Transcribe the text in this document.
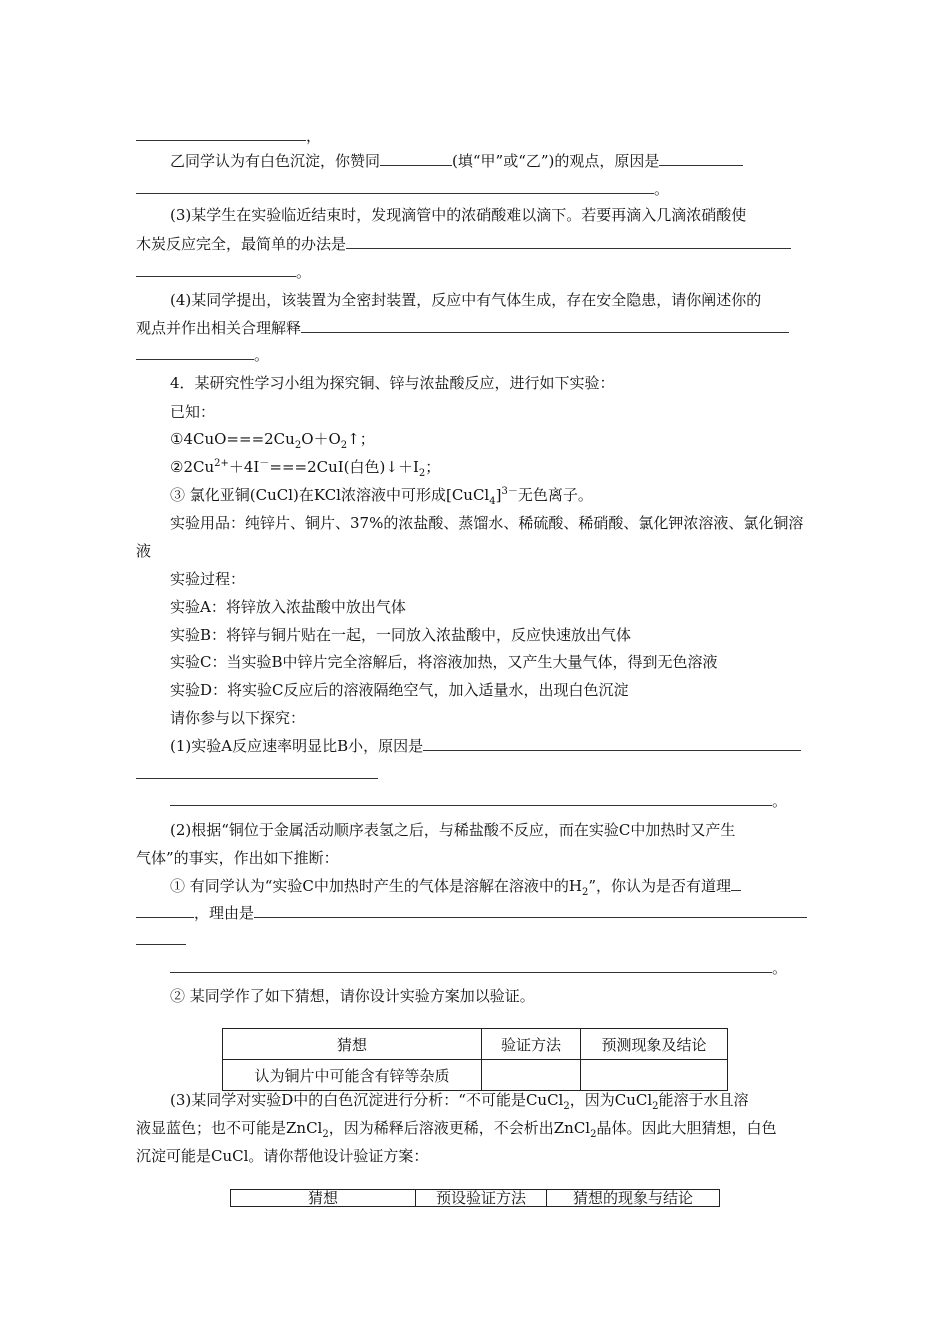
，
乙同学认为有白色沉淀，你赞同	(填“甲”或“乙”)的观点，原因是
。
(3)某学生在实验临近结束时，发现滴管中的浓硝酸难以滴下。若要再滴入几滴浓硝酸使
木炭反应完全，最简单的办法是
。
(4)某同学提出，该装置为全密封装置，反应中有气体生成，存在安全隐患，请你阐述你的
观点并作出相关合理解释
。
4．某研究性学习小组为探究铜、锌与浓盐酸反应，进行如下实验：
已知：
$①4CuO===2Cu_2O+O_2↑$；
$②2Cu^{2+}+4I^-===2CuI$(白色)$↓+I_2$；
③ 氯化亚铜(CuCl)在KCl浓溶液中可形成[CuCl$_4$]$^{3-}$无色离子。
实验用品：纯锌片、铜片、37%的浓盐酸、蒸馏水、稀硫酸、稀硝酸、氯化钾浓溶液、氯化铜溶
液
实验过程：
实验A：将锌放入浓盐酸中放出气体
实验B：将锌与铜片贴在一起，一同放入浓盐酸中，反应快速放出气体
实验C：当实验B中锌片完全溶解后，将溶液加热，又产生大量气体，得到无色溶液
实验D：将实验C反应后的溶液隔绝空气，加入适量水，出现白色沉淀
请你参与以下探究：
(1)实验A反应速率明显比B小，原因是
。
(2)根据“铜位于金属活动顺序表氢之后，与稀盐酸不反应，而在实验C中加热时又产生
气体”的事实，作出如下推断：
① 有同学认为“实验C中加热时产生的气体是溶解在溶液中的$H_2$”，你认为是否有道理
，理由是
。
② 某同学作了如下猜想，请你设计实验方案加以验证。
猜想	验证方法	预测现象及结论
认为铜片中可能含有锌等杂质		
(3)某同学对实验D中的白色沉淀进行分析：“不可能是CuCl$_2$，因为CuCl$_2$能溶于水且溶
液显蓝色；也不可能是ZnCl$_2$，因为稀释后溶液更稀，不会析出ZnCl$_2$晶体。因此大胆猜想，白色
沉淀可能是CuCl。请你帮他设计验证方案：
猜想	预设验证方法	猜想的现象与结论
